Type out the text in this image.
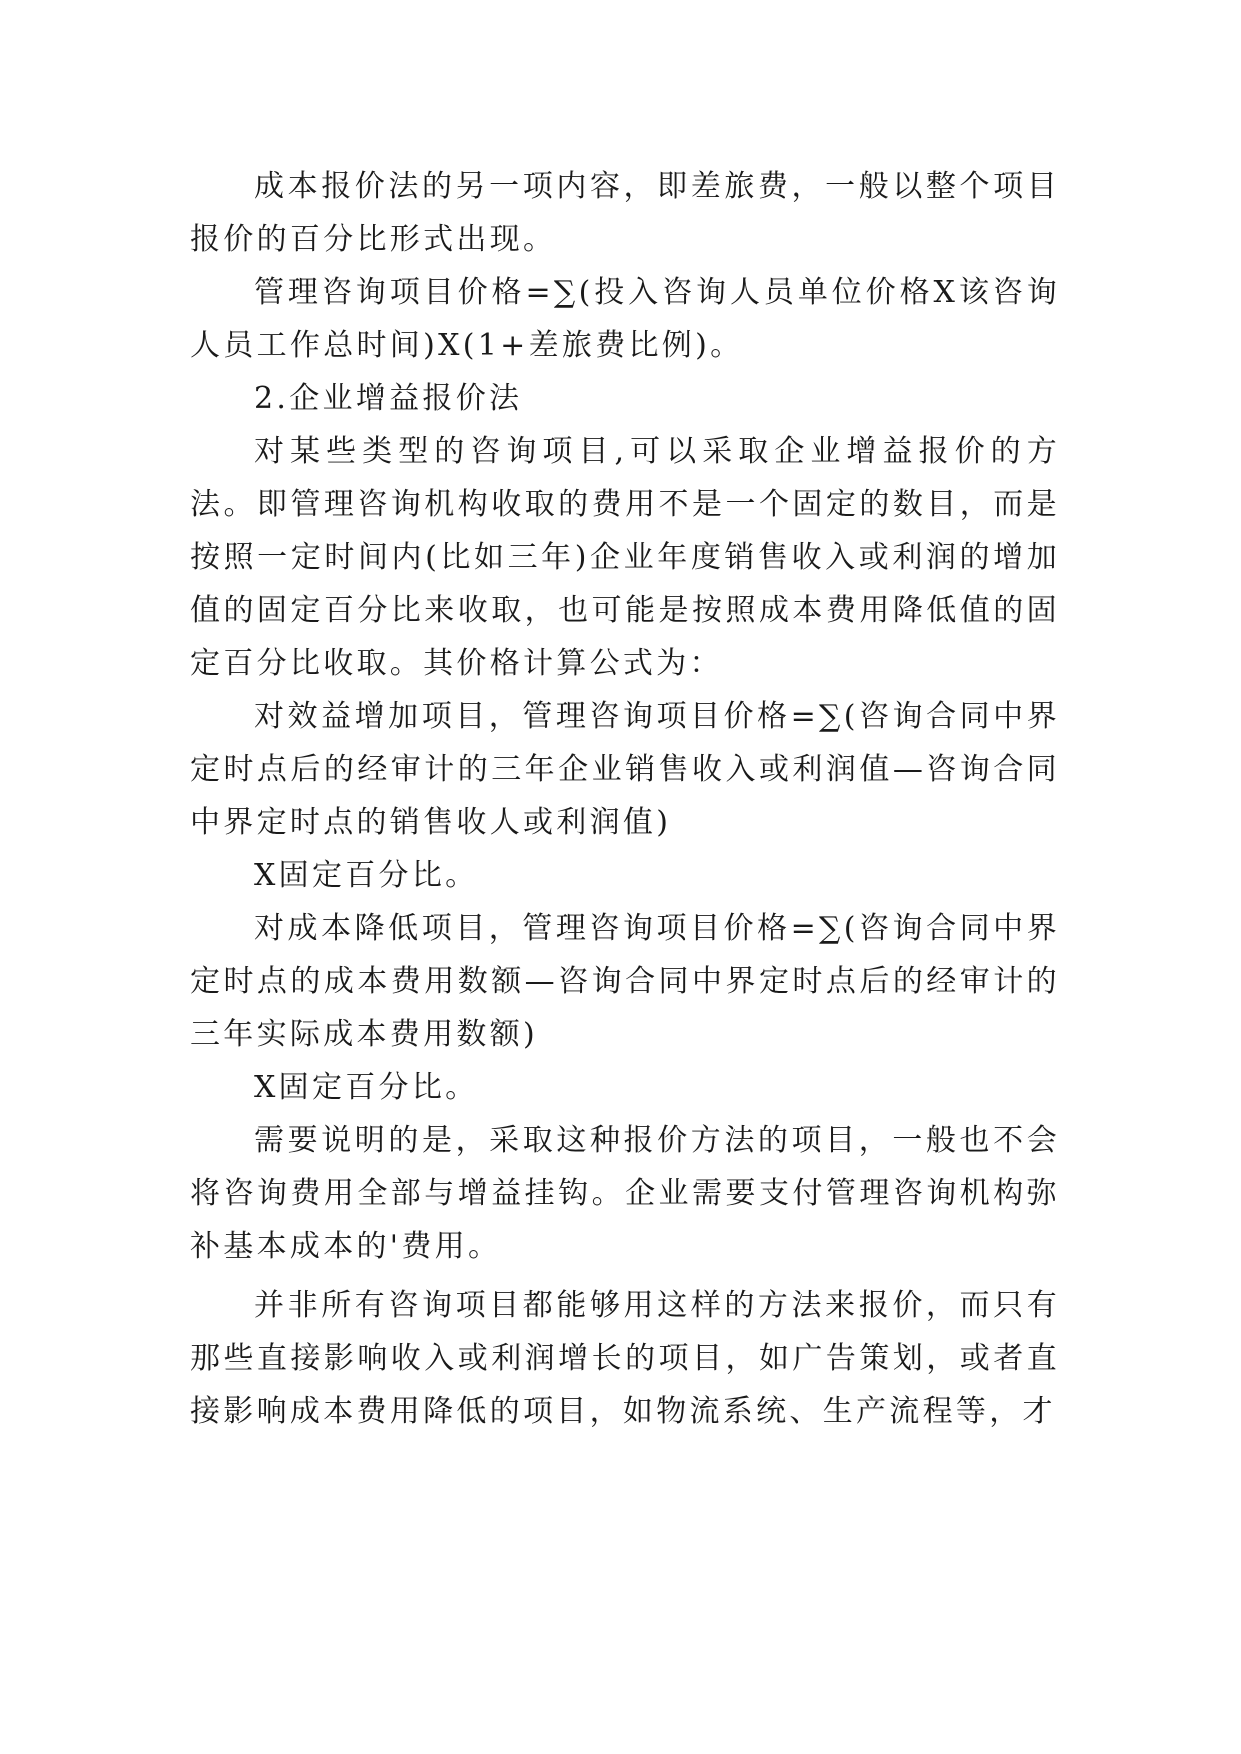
成本报价法的另一项内容，即差旅费，一般以整个项目报价的百分比形式出现。

管理咨询项目价格=∑(投入咨询人员单位价格X该咨询人员工作总时间)X(1+差旅费比例)。

2.企业增益报价法

对某些类型的咨询项目,可以采取企业增益报价的方法。即管理咨询机构收取的费用不是一个固定的数目，而是按照一定时间内(比如三年)企业年度销售收入或利润的增加值的固定百分比来收取，也可能是按照成本费用降低值的固定百分比收取。其价格计算公式为：

对效益增加项目，管理咨询项目价格=∑(咨询合同中界定时点后的经审计的三年企业销售收入或利润值—咨询合同中界定时点的销售收人或利润值)

X固定百分比。

对成本降低项目，管理咨询项目价格=∑(咨询合同中界定时点的成本费用数额—咨询合同中界定时点后的经审计的三年实际成本费用数额)

X固定百分比。

需要说明的是，采取这种报价方法的项目，一般也不会将咨询费用全部与增益挂钩。企业需要支付管理咨询机构弥补基本成本的'费用。

并非所有咨询项目都能够用这样的方法来报价，而只有那些直接影响收入或利润增长的项目，如广告策划，或者直接影响成本费用降低的项目，如物流系统、生产流程等，才
